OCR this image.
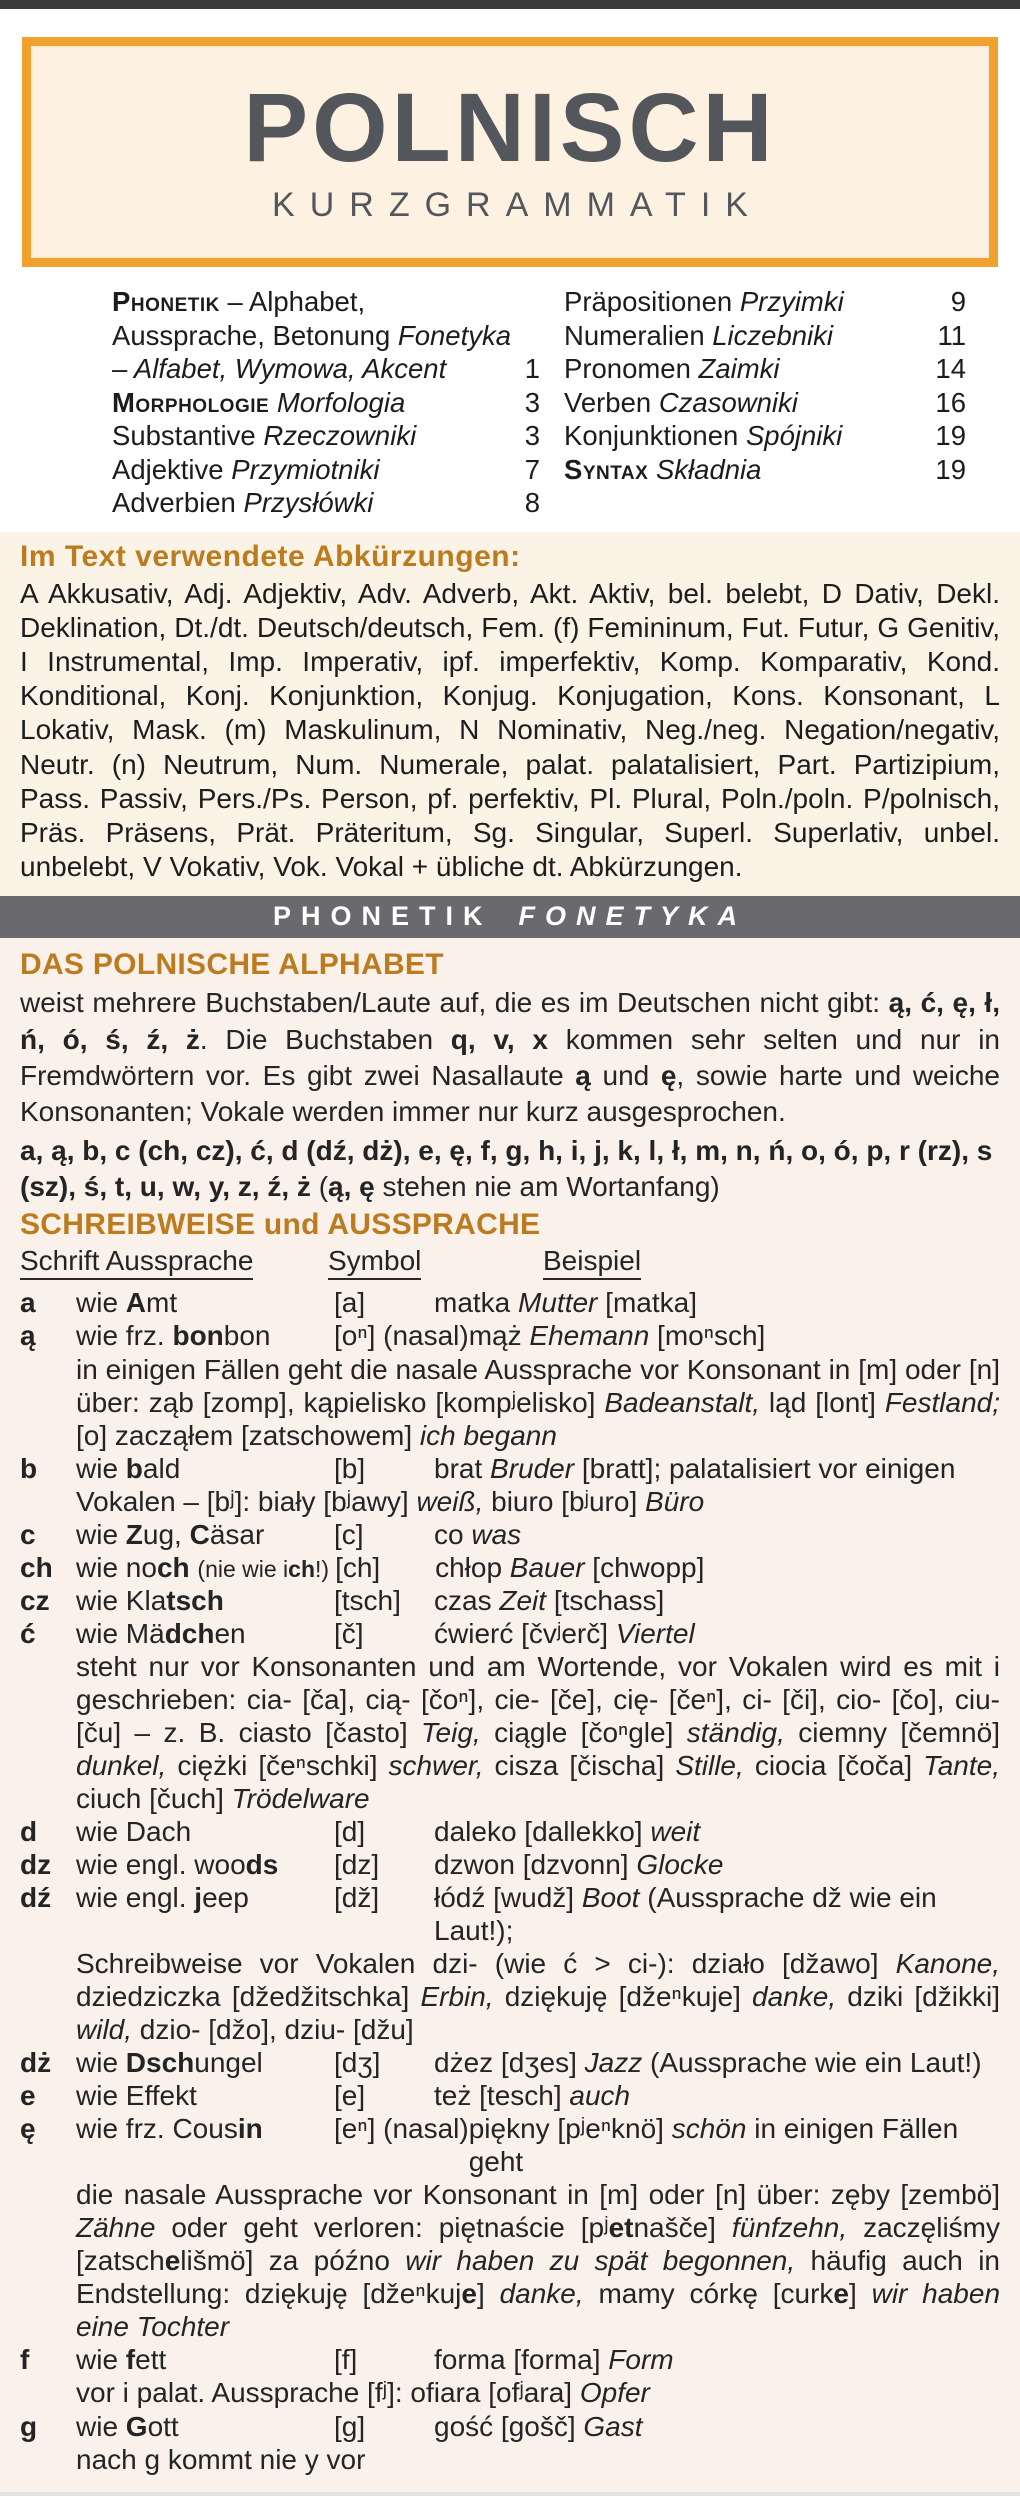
POLNISCH
KURZGRAMMATIK
Phonetik – Alphabet, Aussprache, Betonung Fonetyka – Alfabet, Wymowa, Akcent	1
Morphologie Morfologia	3
Substantive Rzeczowniki	3
Adjektive Przymiotniki	7
Adverbien Przysłówki	8
Präpositionen Przyimki	9
Numeralien Liczebniki	11
Pronomen Zaimki	14
Verben Czasowniki	16
Konjunktionen Spójniki	19
Syntax Składnia	19
Im Text verwendete Abkürzungen:

A Akkusativ, Adj. Adjektiv, Adv. Adverb, Akt. Aktiv, bel. belebt, D Dativ, Dekl. Deklination, Dt./dt. Deutsch/deutsch, Fem. (f) Femininum, Fut. Futur, G Genitiv, I Instrumental, Imp. Imperativ, ipf. imperfektiv, Komp. Komparativ, Kond. Konditional, Konj. Konjunktion, Konjug. Konjugation, Kons. Konsonant, L Lokativ, Mask. (m) Maskulinum, N Nominativ, Neg./neg. Negation/negativ, Neutr. (n) Neutrum, Num. Numerale, palat. palatalisiert, Part. Partizipium, Pass. Passiv, Pers./Ps. Person, pf. perfektiv, Pl. Plural, Poln./poln. P/polnisch, Präs. Präsens, Prät. Präteritum, Sg. Singular, Superl. Superlativ, unbel. unbelebt, V Vokativ, Vok. Vokal + übliche dt. Abkürzungen.

PHONETIK FONETYKA
DAS POLNISCHE ALPHABET

weist mehrere Buchstaben/Laute auf, die es im Deutschen nicht gibt: ą, ć, ę, ł, ń, ó, ś, ź, ż. Die Buchstaben q, v, x kommen sehr selten und nur in Fremdwörtern vor. Es gibt zwei Nasallaute ą und ę, sowie harte und weiche Konsonanten; Vokale werden immer nur kurz ausgesprochen.

a, ą, b, c (ch, cz), ć, d (dź, dż), e, ę, f, g, h, i, j, k, l, ł, m, n, ń, o, ó, p, r (rz), s (sz), ś, t, u, w, y, z, ź, ż (ą, ę stehen nie am Wortanfang)

SCHREIBWEISE und AUSSPRACHE
Schrift Aussprache	Symbol	Beispiel
a	wie Amt	[a]	matka Mutter [matka]
ą	wie frz. bonbon	[oⁿ] (nasal) mąż Ehemann [moⁿsch]

in einigen Fällen geht die nasale Aussprache vor Konsonant in [m] oder [n] über: ząb [zomp], kąpielisko [kompʲelisko] Badeanstalt, ląd [lont] Festland; [o] zacząłem [zatschowem] ich begann

b	wie bald	[b]	brat Bruder [bratt]; palatalisiert vor einigen

Vokalen – [bʲ]: biały [bʲawy] weiß, biuro [bʲuro] Büro

c	wie Zug, Cäsar	[c]	co was
ch wie noch (nie wie ich!) [ch]	chłop Bauer [chwopp]
cz wie Klatsch	[tsch]	czas Zeit [tschass]
ć	wie Mädchen	[č]	ćwierć [čvʲerč] Viertel

steht nur vor Konsonanten und am Wortende, vor Vokalen wird es mit i geschrieben: cia- [ča], cią- [čoⁿ], cie- [če], cię- [čeⁿ], ci- [či], cio- [čo], ciu- [ču] – z. B. ciasto [často] Teig, ciągle [čoⁿgle] ständig, ciemny [čemnö] dunkel, ciężki [čeⁿschki] schwer, cisza [čischa] Stille, ciocia [čoča] Tante, ciuch [čuch] Trödelware

d	wie Dach	[d]	daleko [dallekko] weit
dz wie engl. woods	[dz]	dzwon [dzvonn] Glocke
dź wie engl. jeep	[dž]	łódź [wudž] Boot (Aussprache dž wie ein Laut!);

Schreibweise vor Vokalen dzi- (wie ć > ci-): działo [džawo] Kanone, dziedziczka [džedžitschka] Erbin, dziękuję [džeⁿkuje] danke, dziki [džikki] wild, dzio- [džo], dziu- [džu]

dż wie Dschungel	[dʒ]	dżez [dʒes] Jazz (Aussprache wie ein Laut!)
e	wie Effekt	[e]	też [tesch] auch
ę	wie frz. Cousin	[eⁿ] (nasal) piękny [pʲeⁿknö] schön in einigen Fällen geht

die nasale Aussprache vor Konsonant in [m] oder [n] über: zęby [zembö] Zähne oder geht verloren: piętnaście [pʲetnašče] fünfzehn, zaczęliśmy [zatschelišmö] za późno wir haben zu spät begonnen, häufig auch in Endstellung: dziękuję [džeⁿkuje] danke, mamy córkę [curke] wir haben eine Tochter

f	wie fett	[f]	forma [forma] Form

vor i palat. Aussprache [fʲ]: ofiara [ofʲara] Opfer

g	wie Gott	[g]	gość [gošč] Gast

nach g kommt nie y vor
